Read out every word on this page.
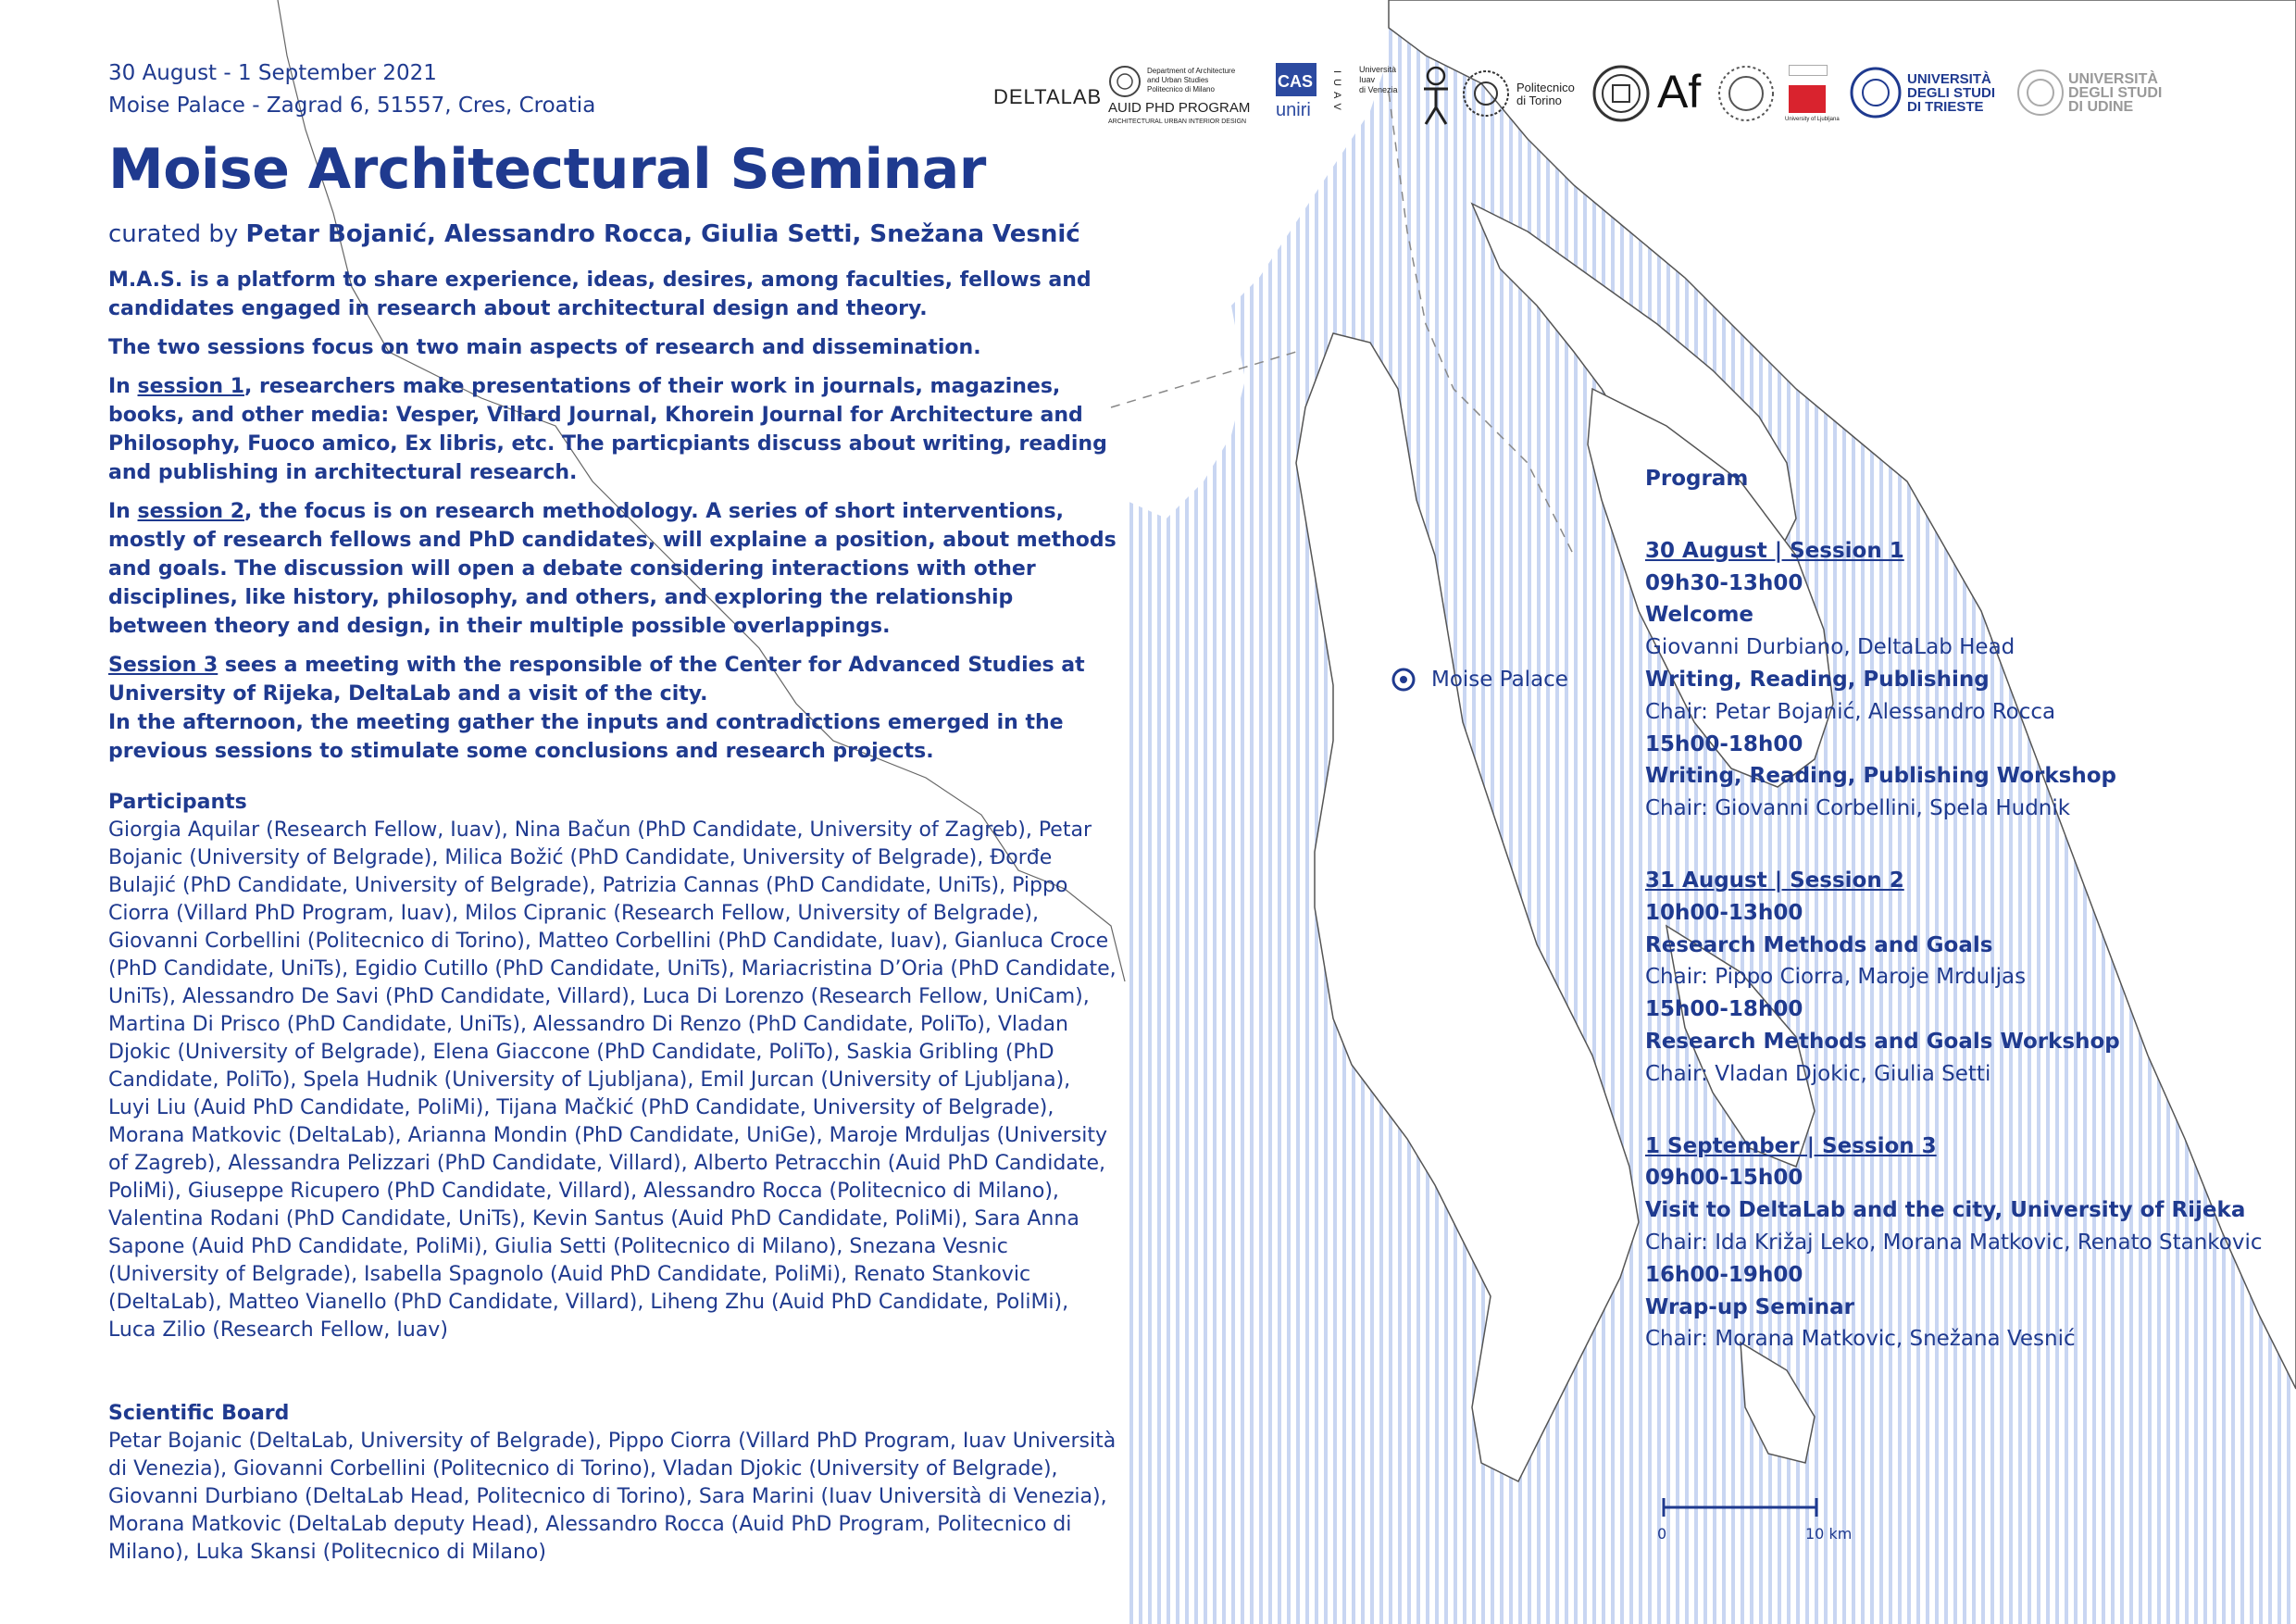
0	10 km
Moise Palace
DELTALAB
Department of Architecture
and Urban Studies
Politecnico di Milano
AUID PHD PROGRAM
ARCHITECTURAL URBAN INTERIOR DESIGN
CAS
uniri IUAV
Università Iuav
di Venezia	Politecnico
di Torino Af
University of Ljubljana
UNIVERSITÀ
DEGLI STUDI
DI TRIESTE
UNIVERSITÀ
DEGLI STUDI
DI UDINE
30 August - 1 September 2021
Moise Palace - Zagrad 6, 51557, Cres, Croatia
Moise Architectural Seminar
curated by Petar Bojanić, Alessandro Rocca, Giulia Setti, Snežana Vesnić

M.A.S. is a platform to share experience, ideas, desires, among faculties, fellows and candidates engaged in research about architectural design and theory.

The two sessions focus on two main aspects of research and dissemination.

In session 1, researchers make presentations of their work in journals, magazines, books, and other media: Vesper, Villard Journal, Khorein Journal for Architecture and Philosophy, Fuoco amico, Ex libris, etc. The particpiants discuss about writing, reading and publishing in architectural research.

In session 2, the focus is on research methodology. A series of short interventions, mostly of research fellows and PhD candidates, will explaine a position, about methods and goals. The discussion will open a debate considering interactions with other disciplines, like history, philosophy, and others, and exploring the relationship between theory and design, in their multiple possible overlappings.

Session 3 sees a meeting with the responsible of the Center for Advanced Studies at University of Rijeka, DeltaLab and a visit of the city.
In the afternoon, the meeting gather the inputs and contradictions emerged in the previous sessions to stimulate some conclusions and research projects.

Participants
Giorgia Aquilar (Research Fellow, Iuav), Nina Bačun (PhD Candidate, University of Zagreb), Petar Bojanic (University of Belgrade), Milica Božić (PhD Candidate, University of Belgrade), Đorđe Bulajić (PhD Candidate, University of Belgrade), Patrizia Cannas (PhD Candidate, UniTs), Pippo Ciorra (Villard PhD Program, Iuav), Milos Cipranic (Research Fellow, University of Belgrade), Giovanni Corbellini (Politecnico di Torino), Matteo Corbellini (PhD Candidate, Iuav), Gianluca Croce (PhD Candidate, UniTs), Egidio Cutillo (PhD Candidate, UniTs), Mariacristina D’Oria (PhD Candidate, UniTs), Alessandro De Savi (PhD Candidate, Villard), Luca Di Lorenzo (Research Fellow, UniCam), Martina Di Prisco (PhD Candidate, UniTs), Alessandro Di Renzo (PhD Candidate, PoliTo), Vladan Djokic (University of Belgrade), Elena Giaccone (PhD Candidate, PoliTo), Saskia Gribling (PhD Candidate, PoliTo), Spela Hudnik (University of Ljubljana), Emil Jurcan (University of Ljubljana), Luyi Liu (Auid PhD Candidate, PoliMi), Tijana Mačkić (PhD Candidate, University of Belgrade), Morana Matkovic (DeltaLab), Arianna Mondin (PhD Candidate, UniGe), Maroje Mrduljas (University of Zagreb), Alessandra Pelizzari (PhD Candidate, Villard), Alberto Petracchin (Auid PhD Candidate, PoliMi), Giuseppe Ricupero (PhD Candidate, Villard), Alessandro Rocca (Politecnico di Milano), Valentina Rodani (PhD Candidate, UniTs), Kevin Santus (Auid PhD Candidate, PoliMi), Sara Anna Sapone (Auid PhD Candidate, PoliMi), Giulia Setti (Politecnico di Milano), Snezana Vesnic (University of Belgrade), Isabella Spagnolo (Auid PhD Candidate, PoliMi), Renato Stankovic (DeltaLab), Matteo Vianello (PhD Candidate, Villard), Liheng Zhu (Auid PhD Candidate, PoliMi), Luca Zilio (Research Fellow, Iuav)
Scientific Board
Petar Bojanic (DeltaLab, University of Belgrade), Pippo Ciorra (Villard PhD Program, Iuav Università di Venezia), Giovanni Corbellini (Politecnico di Torino), Vladan Djokic (University of Belgrade), Giovanni Durbiano (DeltaLab Head, Politecnico di Torino), Sara Marini (Iuav Università di Venezia), Morana Matkovic (DeltaLab deputy Head), Alessandro Rocca (Auid PhD Program, Politecnico di Milano), Luka Skansi (Politecnico di Milano)
Program
30 August | Session 1
09h30-13h00
Welcome
Giovanni Durbiano, DeltaLab Head
Writing, Reading, Publishing
Chair: Petar Bojanić, Alessandro Rocca
15h00-18h00
Writing, Reading, Publishing Workshop
Chair: Giovanni Corbellini, Spela Hudnik
31 August | Session 2
10h00-13h00
Research Methods and Goals
Chair: Pippo Ciorra, Maroje Mrduljas
15h00-18h00
Research Methods and Goals Workshop
Chair: Vladan Djokic, Giulia Setti
1 September | Session 3
09h00-15h00
Visit to DeltaLab and the city, University of Rijeka
Chair: Ida Križaj Leko, Morana Matkovic, Renato Stankovic
16h00-19h00
Wrap-up Seminar
Chair: Morana Matkovic, Snežana Vesnić
